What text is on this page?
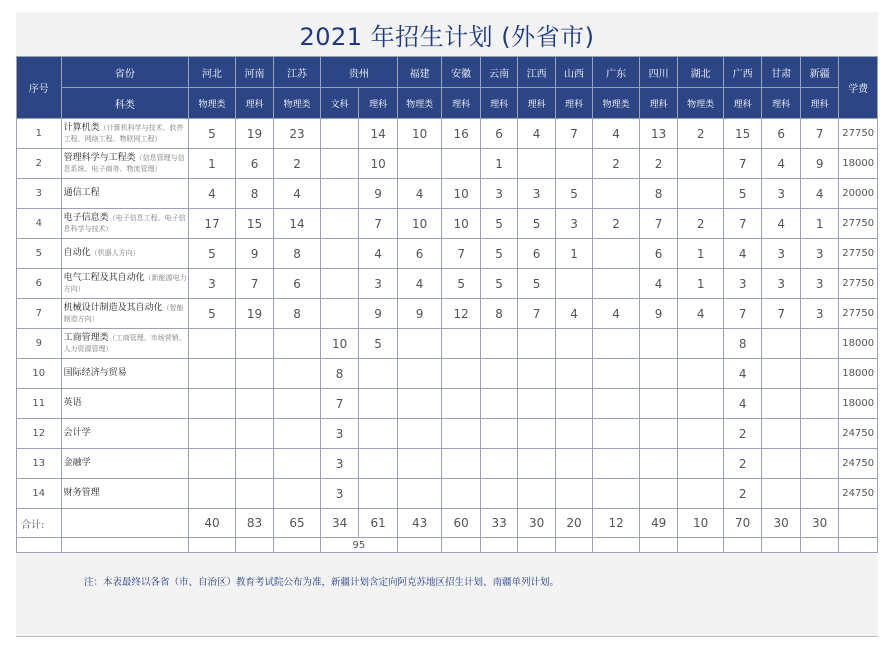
2021 年招生计划 (外省市)
序号	省份	河北	河南	江苏	贵州		福建	安徽	云南	江西	山西	广东	四川	湖北	广西	甘肃	新疆	学费
	科类	物理类	理科	物理类	文科	理科	物理类	理科	理科	理科	理科	物理类	理科	物理类	理科	理科	理科	
1	计算机类（计算机科学与技术、软件工程、网络工程、物联网工程）	5	19	23		14	10	16	6	4	7	4	13	2	15	6	7	27750
2	管理科学与工程类（信息管理与信息系统、电子商务、物流管理）	1	6	2		10			1			2	2		7	4	9	18000
3	通信工程	4	8	4		9	4	10	3	3	5		8		5	3	4	20000
4	电子信息类（电子信息工程、电子信息科学与技术）	17	15	14		7	10	10	5	5	3	2	7	2	7	4	1	27750
5	自动化（机器人方向）	5	9	8		4	6	7	5	6	1		6	1	4	3	3	27750
6	电气工程及其自动化（新能源电力方向）	3	7	6		3	4	5	5	5			4	1	3	3	3	27750
7	机械设计制造及其自动化（智能制造方向）	5	19	8		9	9	12	8	7	4	4	9	4	7	7	3	27750
9	工商管理类（工商管理、市场营销、人力资源管理）				10	5									8			18000
10	国际经济与贸易				8										4			18000
11	英语				7										4			18000
12	会计学				3										2			24750
13	金融学				3										2			24750
14	财务管理				3										2			24750
合计:		40	83	65	34	61	43	60	33	30	20	12	49	10	70	30	30	
					95													
注：本表最终以各省（市、自治区）教育考试院公布为准，新疆计划含定向阿克苏地区招生计划、南疆单列计划。
